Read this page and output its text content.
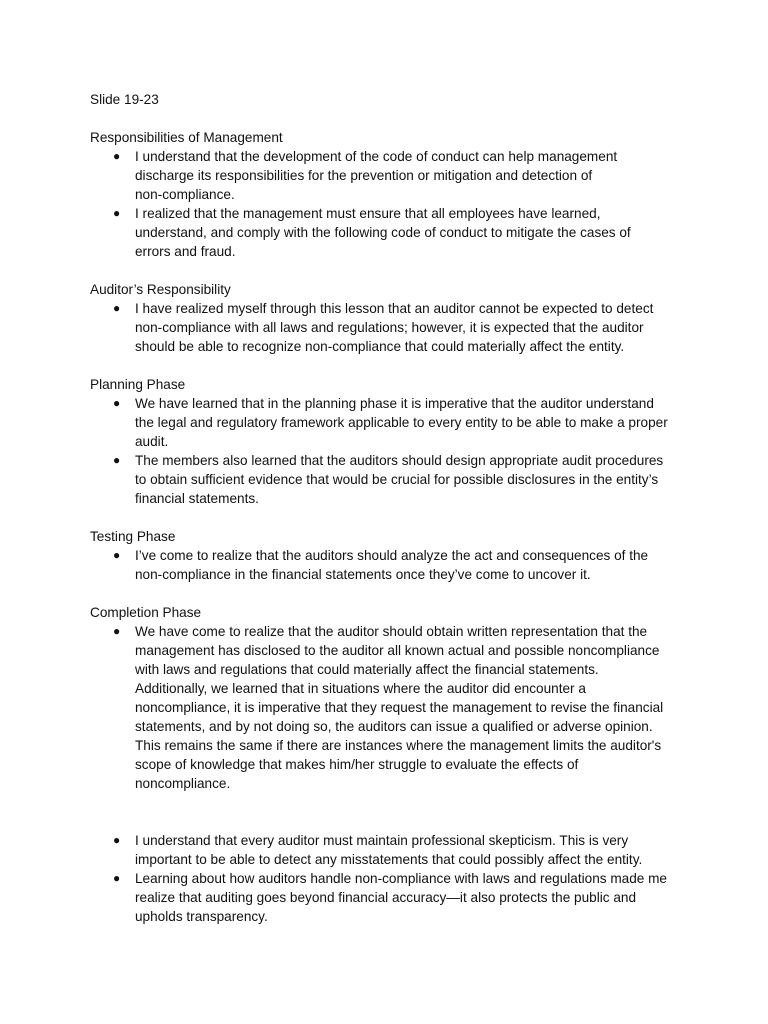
Slide 19-23

Responsibilities of Management

● I understand that the development of the code of conduct can help management
discharge its responsibilities for the prevention or mitigation and detection of
non-compliance.
● I realized that the management must ensure that all employees have learned,
understand, and comply with the following code of conduct to mitigate the cases of
errors and fraud.

Auditor’s Responsibility

● I have realized myself through this lesson that an auditor cannot be expected to detect
non-compliance with all laws and regulations; however, it is expected that the auditor
should be able to recognize non-compliance that could materially affect the entity.

Planning Phase

● We have learned that in the planning phase it is imperative that the auditor understand
the legal and regulatory framework applicable to every entity to be able to make a proper
audit.
● The members also learned that the auditors should design appropriate audit procedures
to obtain sufficient evidence that would be crucial for possible disclosures in the entity’s
financial statements.

Testing Phase

● I’ve come to realize that the auditors should analyze the act and consequences of the
non-compliance in the financial statements once they’ve come to uncover it.

Completion Phase

● We have come to realize that the auditor should obtain written representation that the
management has disclosed to the auditor all known actual and possible noncompliance
with laws and regulations that could materially affect the financial statements.
Additionally, we learned that in situations where the auditor did encounter a
noncompliance, it is imperative that they request the management to revise the financial
statements, and by not doing so, the auditors can issue a qualified or adverse opinion.
This remains the same if there are instances where the management limits the auditor's
scope of knowledge that makes him/her struggle to evaluate the effects of
noncompliance.
● I understand that every auditor must maintain professional skepticism. This is very
important to be able to detect any misstatements that could possibly affect the entity.
● Learning about how auditors handle non-compliance with laws and regulations made me
realize that auditing goes beyond financial accuracy—it also protects the public and
upholds transparency.
